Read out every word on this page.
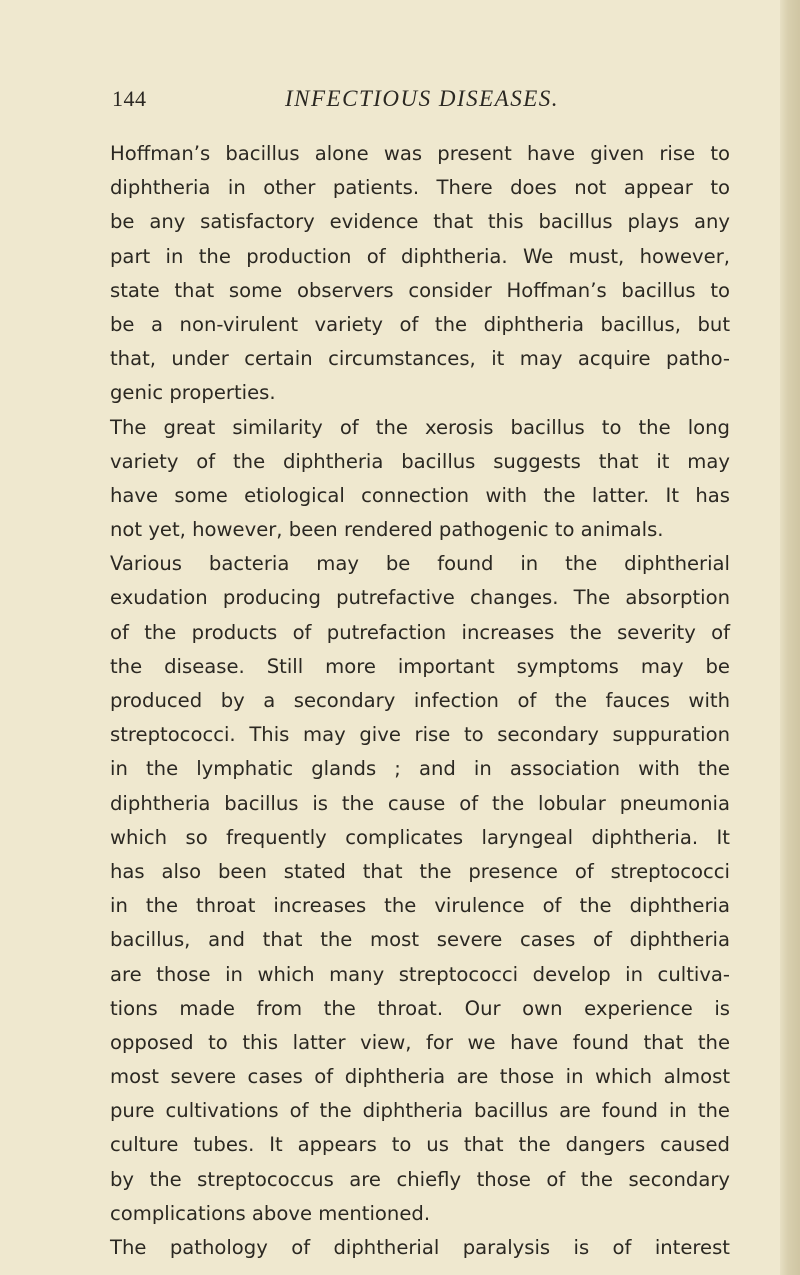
144	INFECTIOUS DISEASES.
Hoffman’s bacillus alone was present have given rise to
diphtheria in other patients. There does not appear to
be any satisfactory evidence that this bacillus plays any
part in the production of diphtheria. We must, however,
state that some observers consider Hoffman’s bacillus to
be a non-virulent variety of the diphtheria bacillus, but
that, under certain circumstances, it may acquire patho-
genic properties.
The great similarity of the xerosis bacillus to the long
variety of the diphtheria bacillus suggests that it may
have some etiological connection with the latter. It has
not yet, however, been rendered pathogenic to animals.
Various bacteria may be found in the diphtherial
exudation producing putrefactive changes. The absorption
of the products of putrefaction increases the severity of
the disease. Still more important symptoms may be
produced by a secondary infection of the fauces with
streptococci. This may give rise to secondary suppuration
in the lymphatic glands ; and in association with the
diphtheria bacillus is the cause of the lobular pneumonia
which so frequently complicates laryngeal diphtheria. It
has also been stated that the presence of streptococci
in the throat increases the virulence of the diphtheria
bacillus, and that the most severe cases of diphtheria
are those in which many streptococci develop in cultiva-
tions made from the throat. Our own experience is
opposed to this latter view, for we have found that the
most severe cases of diphtheria are those in which almost
pure cultivations of the diphtheria bacillus are found in the
culture tubes. It appears to us that the dangers caused
by the streptococcus are chiefly those of the secondary
complications above mentioned.
The pathology of diphtherial paralysis is of interest
